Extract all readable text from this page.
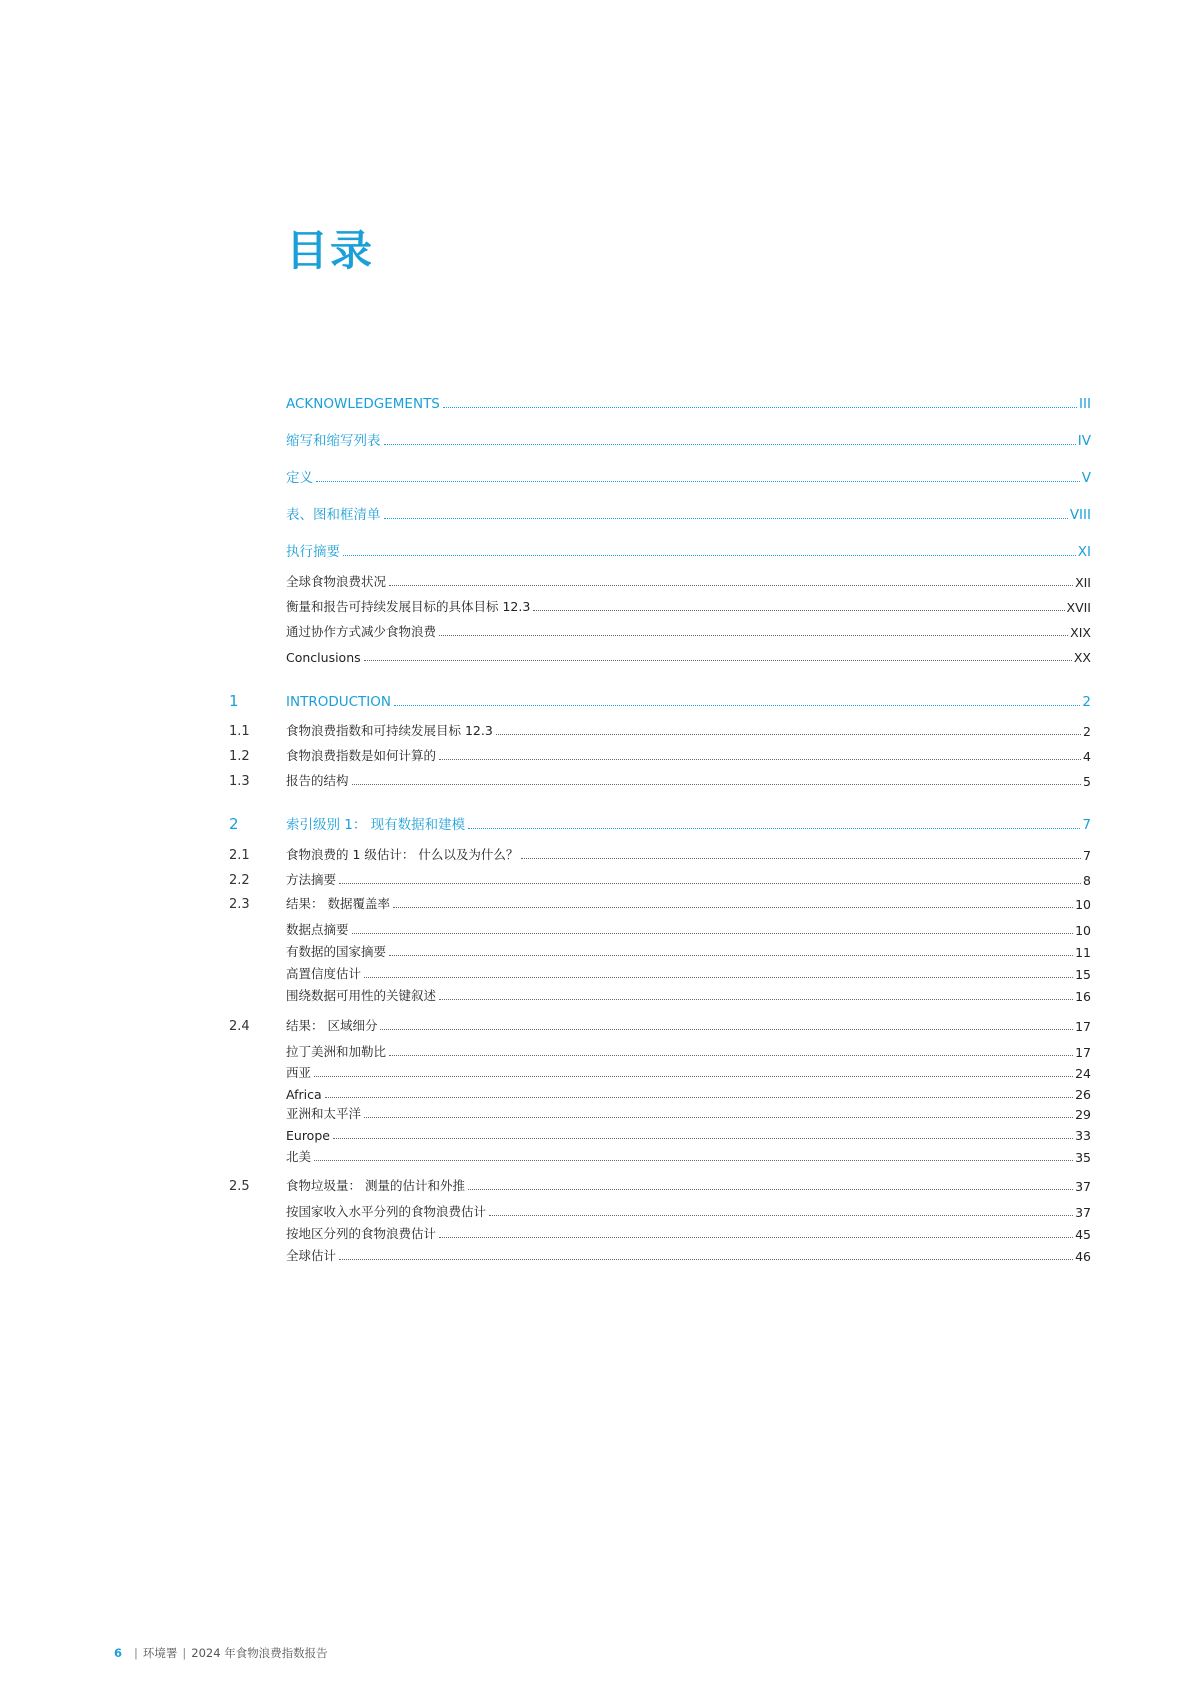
目录
ACKNOWLEDGEMENTS	III
缩写和缩写列表	IV
定义	V
表、图和框清单	VIII
执行摘要	XI
全球食物浪费状况	XII
衡量和报告可持续发展目标的具体目标 12.3	XVII
通过协作方式减少食物浪费	XIX
Conclusions	XX
1	INTRODUCTION	2
1.1	食物浪费指数和可持续发展目标 12.3	2
1.2	食物浪费指数是如何计算的	4
1.3	报告的结构	5
2	索引级别 1： 现有数据和建模	7
2.1	食物浪费的 1 级估计： 什么以及为什么？	7
2.2	方法摘要	8
2.3	结果： 数据覆盖率	10
数据点摘要	10
有数据的国家摘要	11
高置信度估计	15
围绕数据可用性的关键叙述	16
2.4	结果： 区域细分	17
拉丁美洲和加勒比	17
西亚	24
Africa	26
亚洲和太平洋	29
Europe	33
北美	35
2.5	食物垃圾量： 测量的估计和外推	37
按国家收入水平分列的食物浪费估计	37
按地区分列的食物浪费估计	45
全球估计	46
6 | 环境署 | 2024 年食物浪费指数报告
